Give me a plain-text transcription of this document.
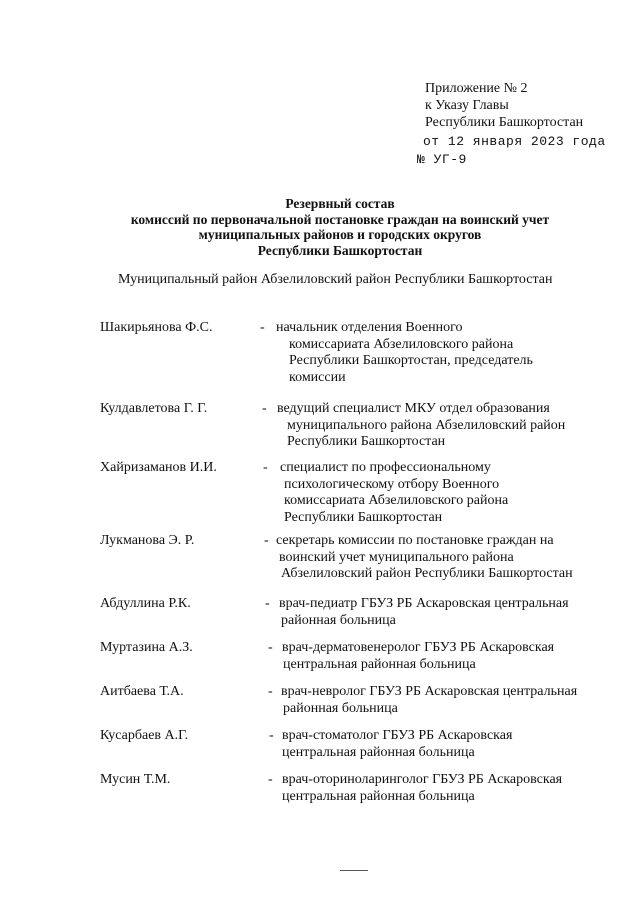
Приложение № 2
к Указу Главы
Республики Башкортостан
от 12 января 2023 года
№ УГ-9
Резервный состав
комиссий по первоначальной постановке граждан на воинский учет
муниципальных районов и городских округов
Республики Башкортостан
Муниципальный район Абзелиловский район Республики Башкортостан
Шакирьянова Ф.С.	- начальник отделения Военного
комиссариата Абзелиловского района
Республики Башкортостан, председатель
комиссии
Кулдавлетова Г. Г.	- ведущий специалист МКУ отдел образования
муниципального района Абзелиловский район
Республики Башкортостан
Хайризаманов И.И.	- специалист по профессиональному
психологическому отбору Военного
комиссариата Абзелиловского района
Республики Башкортостан
Лукманова Э. Р.	- секретарь комиссии по постановке граждан на
воинский учет муниципального района
Абзелиловский район Республики Башкортостан
Абдуллина Р.К.	- врач-педиатр ГБУЗ РБ Аскаровская центральная
районная больница
Муртазина А.З.	- врач-дерматовенеролог ГБУЗ РБ Аскаровская
центральная районная больница
Аитбаева Т.А.	- врач-невролог ГБУЗ РБ Аскаровская центральная
районная больница
Кусарбаев А.Г.	- врач-стоматолог ГБУЗ РБ Аскаровская
центральная районная больница
Мусин Т.М.	- врач-оториноларинголог ГБУЗ РБ Аскаровская
центральная районная больница
